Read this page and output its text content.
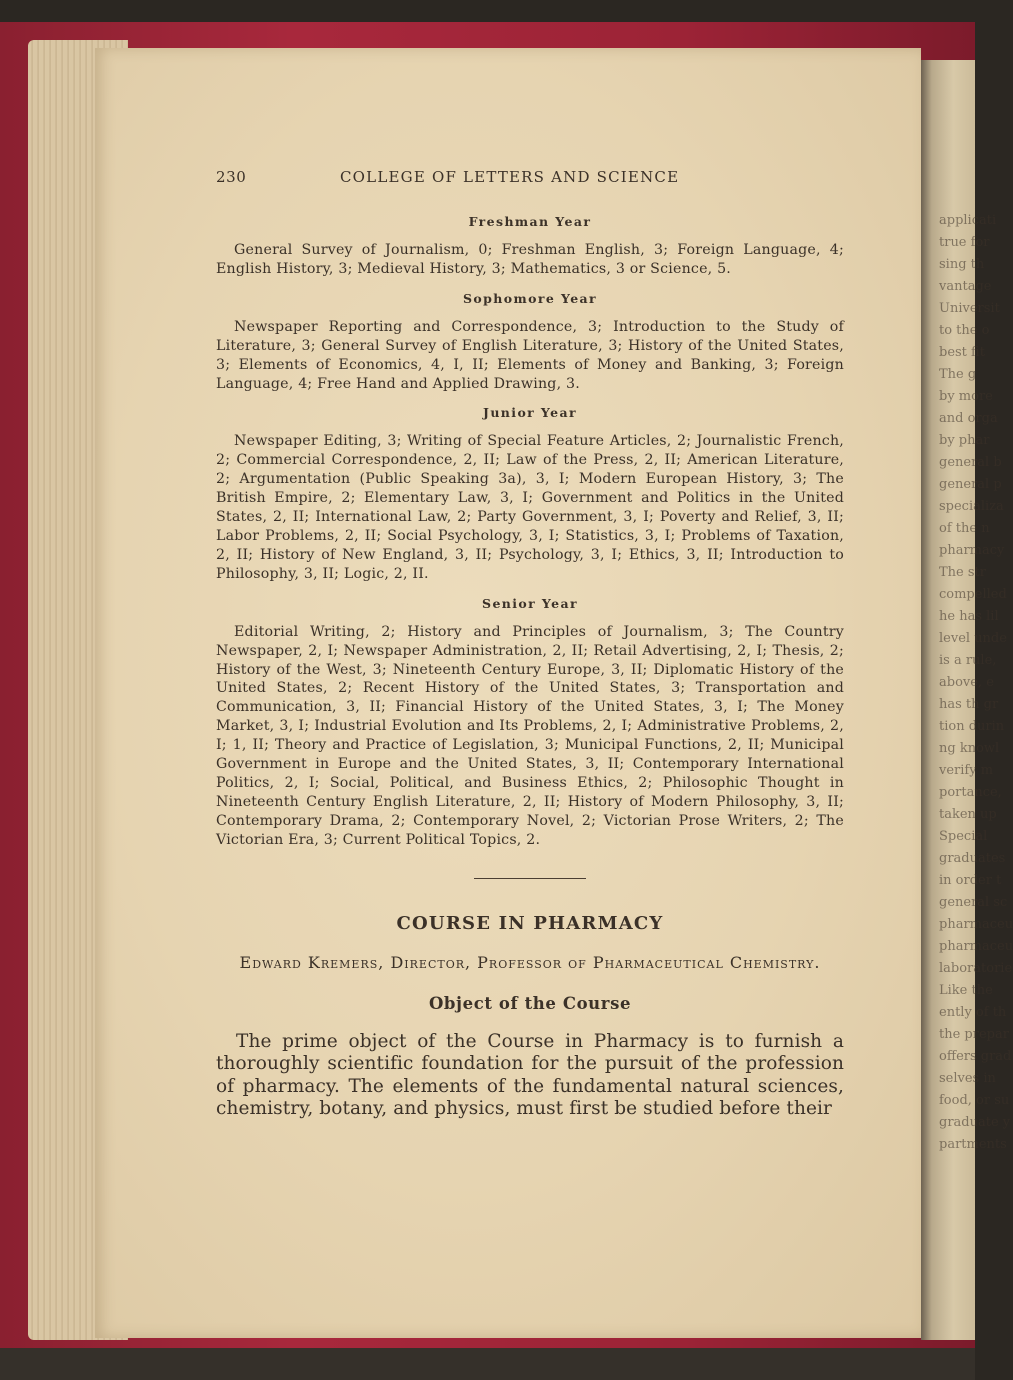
applicati
true for
sing th
vantage
Universit
to the o
best fit
The g
by more
and orga
by phar
general b
general p
specializa
of the n
pharmacy
The str
compelled
he has lil
level unde
is a rule,
above, e
has th gr
tion durin
ng knowl
verify m
portance,
taken up
Special
graduates
in order t
general sc
pharmaceu
pharmaceu
laboratorie
Like the
ently of th
the prepar
offers grad
selves in
food, or su
graduate y
partments
230	COLLEGE OF LETTERS AND SCIENCE
Freshman Year

General Survey of Journalism, 0; Freshman English, 3; Foreign Language, 4; English History, 3; Medieval History, 3; Mathematics, 3 or Science, 5.

Sophomore Year

Newspaper Reporting and Correspondence, 3; Introduction to the Study of Literature, 3; General Survey of English Literature, 3; History of the United States, 3; Elements of Economics, 4, I, II; Elements of Money and Banking, 3; Foreign Language, 4; Free Hand and Applied Drawing, 3.

Junior Year

Newspaper Editing, 3; Writing of Special Feature Articles, 2; Journalistic French, 2; Commercial Correspondence, 2, II; Law of the Press, 2, II; American Literature, 2; Argumentation (Public Speaking 3a), 3, I; Modern European History, 3; The British Empire, 2; Elementary Law, 3, I; Government and Politics in the United States, 2, II; International Law, 2; Party Government, 3, I; Poverty and Relief, 3, II; Labor Problems, 2, II; Social Psychology, 3, I; Statistics, 3, I; Problems of Taxation, 2, II; History of New England, 3, II; Psychology, 3, I; Ethics, 3, II; Introduction to Philosophy, 3, II; Logic, 2, II.

Senior Year

Editorial Writing, 2; History and Principles of Journalism, 3; The Country Newspaper, 2, I; Newspaper Administration, 2, II; Retail Advertising, 2, I; Thesis, 2; History of the West, 3; Nineteenth Century Europe, 3, II; Diplomatic History of the United States, 2; Recent History of the United States, 3; Transportation and Communication, 3, II; Financial History of the United States, 3, I; The Money Market, 3, I; Industrial Evolution and Its Problems, 2, I; Administrative Problems, 2, I; 1, II; Theory and Practice of Legislation, 3; Municipal Functions, 2, II; Municipal Government in Europe and the United States, 3, II; Contemporary International Politics, 2, I; Social, Political, and Business Ethics, 2; Philosophic Thought in Nineteenth Century English Literature, 2, II; History of Modern Philosophy, 3, II; Contemporary Drama, 2; Contemporary Novel, 2; Victorian Prose Writers, 2; The Victorian Era, 3; Current Political Topics, 2.

COURSE IN PHARMACY
Edward Kremers, Director, Professor of Pharmaceutical Chemistry.
Object of the Course

The prime object of the Course in Pharmacy is to furnish a thoroughly scientific foundation for the pursuit of the profession of pharmacy. The elements of the fundamental natural sciences, chemistry, botany, and physics, must first be studied before their
